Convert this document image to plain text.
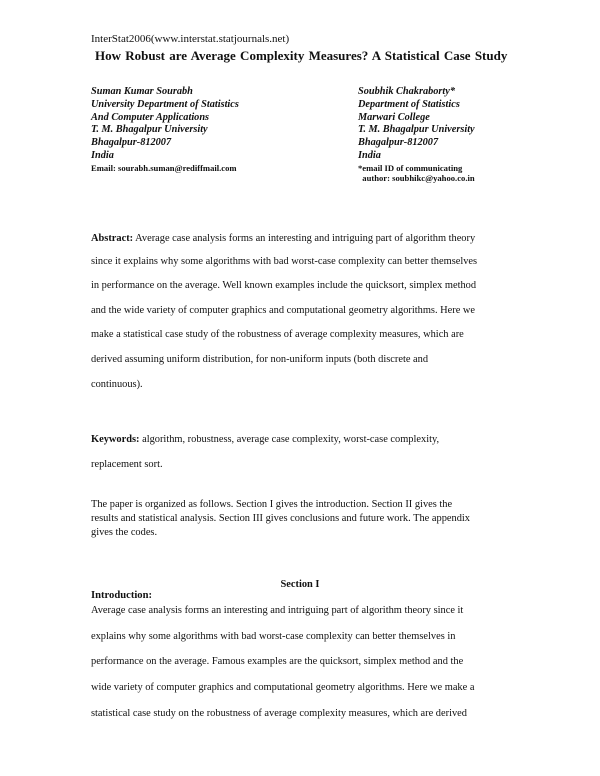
InterStat2006(www.interstat.statjournals.net)
How Robust are Average Complexity Measures? A Statistical Case Study
Suman Kumar Sourabh
University Department of Statistics
And Computer Applications
T. M. Bhagalpur University
Bhagalpur-812007
India
Email: sourabh.suman@rediffmail.com
Soubhik Chakraborty*
Department of Statistics
Marwari College
T. M. Bhagalpur University
Bhagalpur-812007
India
*email ID of communicating
author: soubhikc@yahoo.co.in
Abstract: Average case analysis forms an interesting and intriguing part of algorithm theory
since it explains why some algorithms with bad worst-case complexity can better themselves
in performance on the average. Well known examples include the quicksort, simplex method
and the wide variety of computer graphics and computational geometry algorithms. Here we
make a statistical case study of the robustness of average complexity measures, which are
derived assuming uniform distribution, for non-uniform inputs (both discrete and
continuous).
Keywords: algorithm, robustness, average case complexity, worst-case complexity,
replacement sort.
The paper is organized as follows. Section I gives the introduction. Section II gives the
results and statistical analysis. Section III gives conclusions and future work. The appendix
gives the codes.
Section I
Introduction:
Average case analysis forms an interesting and intriguing part of algorithm theory since it
explains why some algorithms with bad worst-case complexity can better themselves in
performance on the average. Famous examples are the quicksort, simplex method and the
wide variety of computer graphics and computational geometry algorithms. Here we make a
statistical case study on the robustness of average complexity measures, which are derived
